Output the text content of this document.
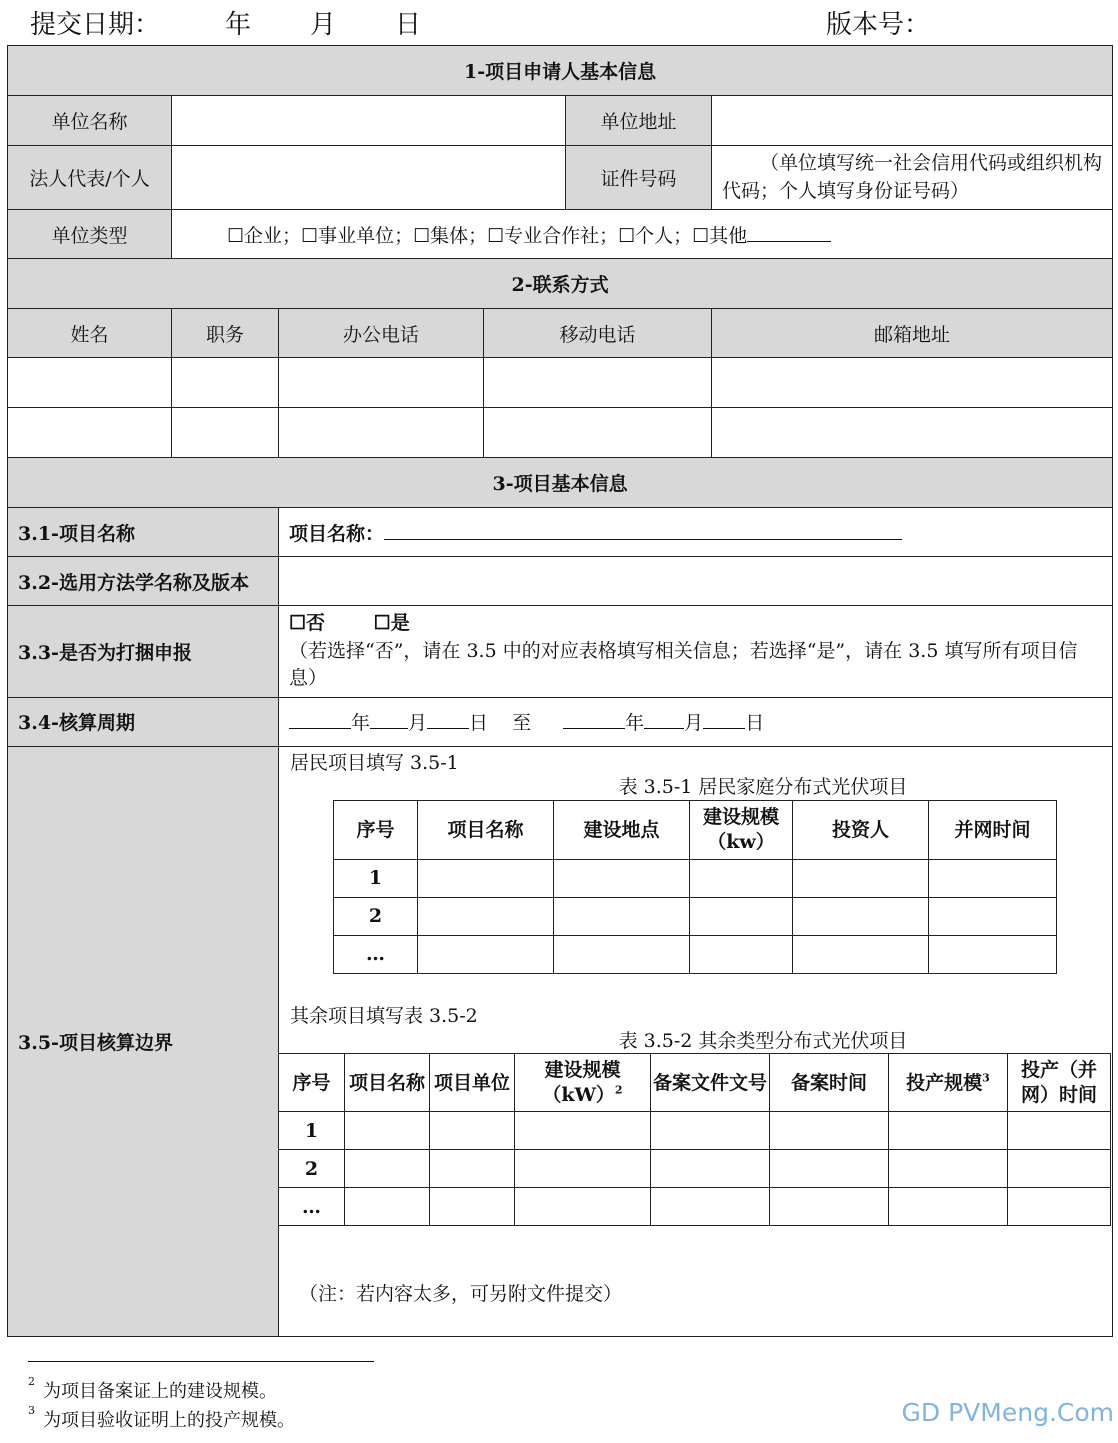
提交日期： 年 月 日	版本号：
1-项目申请人基本信息
单位名称		单位地址	
法人代表/个人		证件号码	（单位填写统一社会信用代码或组织机构代码；个人填写身份证号码）
单位类型	☐企业；☐事业单位；☐集体；☐专业合作社；☐个人；☐其他
2-联系方式
姓名	职务	办公电话	移动电话	邮箱地址

3-项目基本信息
3.1-项目名称	项目名称：
3.2-选用方法学名称及版本	
3.3-是否为打捆申报	
☐否	☐是
（若选择“否”，请在 3.5 中的对应表格填写相关信息；若选择“是”，请在 3.5 填写所有项目信息）

3.4-核算周期	年 月 日 至	年 月 日
3.5-项目核算边界	
居民项目填写 3.5-1
表 3.5-1 居民家庭分布式光伏项目
序号	项目名称	建设地点	建设规模（kw）	投资人	并网时间
1					
2					
…					
其余项目填写表 3.5-2
表 3.5-2 其余类型分布式光伏项目
序号	项目名称	项目单位	建设规模（kW）$^2$	备案文件文号	备案时间	投产规模$^3$	投产（并网）时间
1							
2							
…							
（注：若内容太多，可另附文件提交）
$^2$ 为项目备案证上的建设规模。
$^3$ 为项目验收证明上的投产规模。	GD PVMeng.Com
